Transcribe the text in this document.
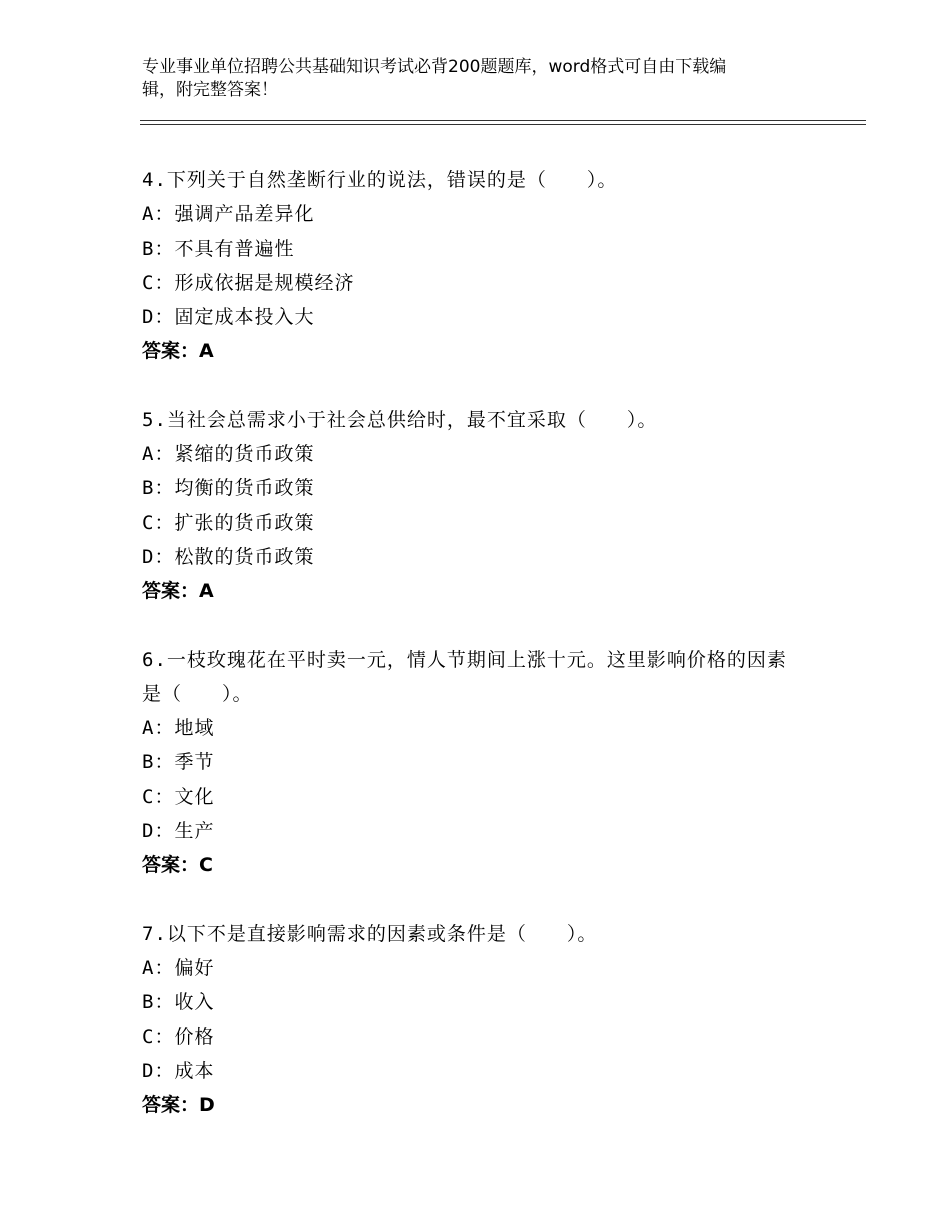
专业事业单位招聘公共基础知识考试必背200题题库，word格式可自由下载编
辑，附完整答案！
4.下列关于自然垄断行业的说法，错误的是（　　）。
A：强调产品差异化
B：不具有普遍性
C：形成依据是规模经济
D：固定成本投入大
答案：A
5.当社会总需求小于社会总供给时，最不宜采取（　　）。
A：紧缩的货币政策
B：均衡的货币政策
C：扩张的货币政策
D：松散的货币政策
答案：A
6.一枝玫瑰花在平时卖一元，情人节期间上涨十元。这里影响价格的因素是（　　）。
A：地域
B：季节
C：文化
D：生产
答案：C
7.以下不是直接影响需求的因素或条件是（　　）。
A：偏好
B：收入
C：价格
D：成本
答案：D
